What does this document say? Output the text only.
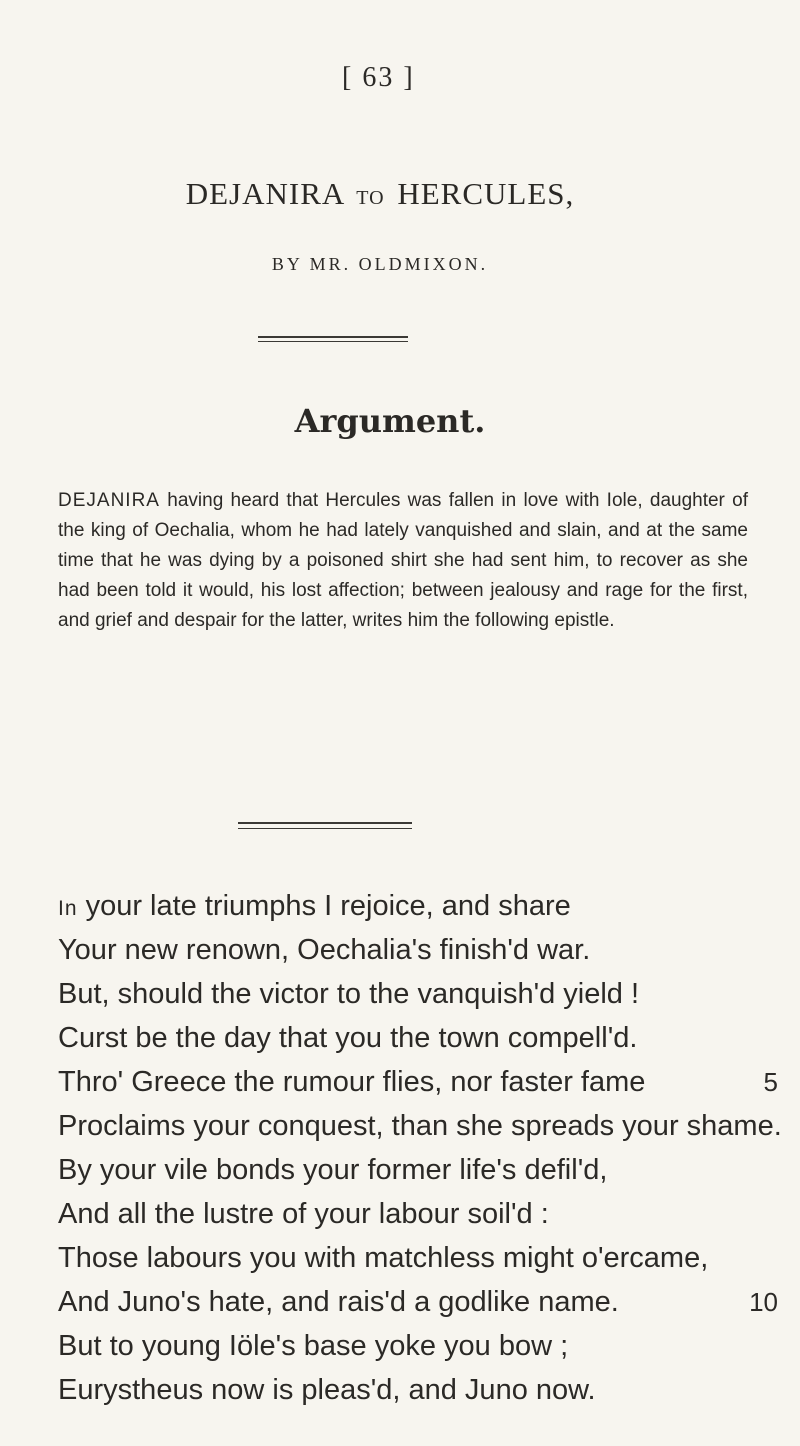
[ 63 ]
DEJANIRA TO HERCULES,
BY MR. OLDMIXON.
Argument.
DEJANIRA having heard that Hercules was fallen in love with Iole, daughter of the king of Oechalia, whom he had lately vanquished and slain, and at the same time that he was dying by a poisoned shirt she had sent him, to recover as she had been told it would, his lost affection; between jealousy and rage for the first, and grief and despair for the latter, writes him the following epistle.
In your late triumphs I rejoice, and share
Your new renown, Oechalia's finish'd war.
But, should the victor to the vanquish'd yield !
Curst be the day that you the town compell'd.
Thro' Greece the rumour flies, nor faster fame	5
Proclaims your conquest, than she spreads your shame.
By your vile bonds your former life's defil'd,
And all the lustre of your labour soil'd :
Those labours you with matchless might o'ercame,
And Juno's hate, and rais'd a godlike name.	10
But to young Iöle's base yoke you bow ;
Eurystheus now is pleas'd, and Juno now.
